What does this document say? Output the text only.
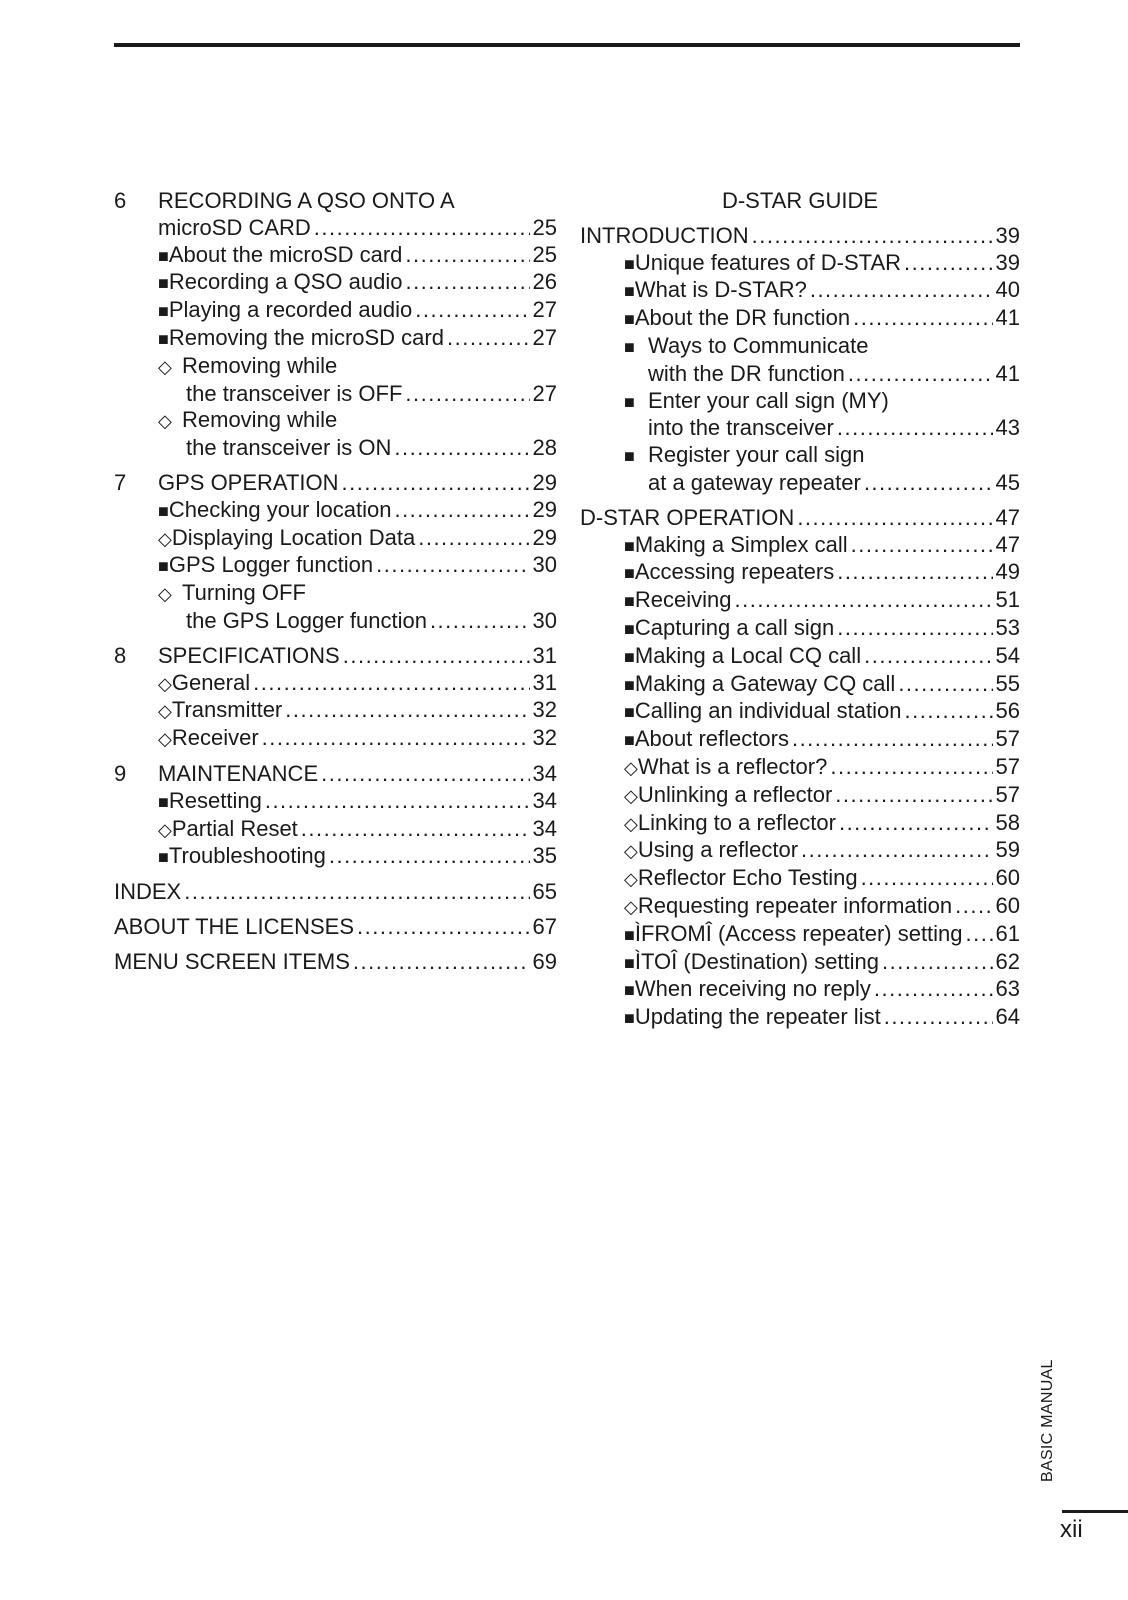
6 RECORDING A QSO ONTO A
microSD CARD .....	25
■ About the microSD card .....	25
■ Recording a QSO audio .....	26
■ Playing a recorded audio .....	27
■ Removing the microSD card .....	27
◇ Removing while
the transceiver is OFF .....	27
◇ Removing while
the transceiver is ON .....	28
7 GPS OPERATION .....	29
■ Checking your location .....	29
◇ Displaying Location Data .....	29
■ GPS Logger function .....	30
◇ Turning OFF
the GPS Logger function .....	30
8 SPECIFICATIONS .....	31
◇ General .....	31
◇ Transmitter .....	32
◇ Receiver .....	32
9 MAINTENANCE .....	34
■ Resetting .....	34
◇ Partial Reset .....	34
■ Troubleshooting .....	35
INDEX .....	65
ABOUT THE LICENSES .....	67
MENU SCREEN ITEMS .....	69
D-STAR GUIDE
INTRODUCTION .....	39
■ Unique features of D-STAR .....	39
■ What is D-STAR? .....	40
■ About the DR function .....	41
■ Ways to Communicate
with the DR function .....	41
■ Enter your call sign (MY)
into the transceiver .....	43
■ Register your call sign
at a gateway repeater .....	45
D-STAR OPERATION .....	47
■ Making a Simplex call .....	47
■ Accessing repeaters .....	49
■ Receiving .....	51
■ Capturing a call sign .....	53
■ Making a Local CQ call .....	54
■ Making a Gateway CQ call .....	55
■ Calling an individual station .....	56
■ About reflectors .....	57
◇ What is a reflector? .....	57
◇ Unlinking a reflector .....	57
◇ Linking to a reflector .....	58
◇ Using a reflector .....	59
◇ Reflector Echo Testing .....	60
◇ Requesting repeater information ..... 60
■ ÌFROMÎ (Access repeater) setting ..... 61
■ ÌTOÎ (Destination) setting .....	62
■ When receiving no reply .....	63
■ Updating the repeater list .....	64
BASIC MANUAL
xii
